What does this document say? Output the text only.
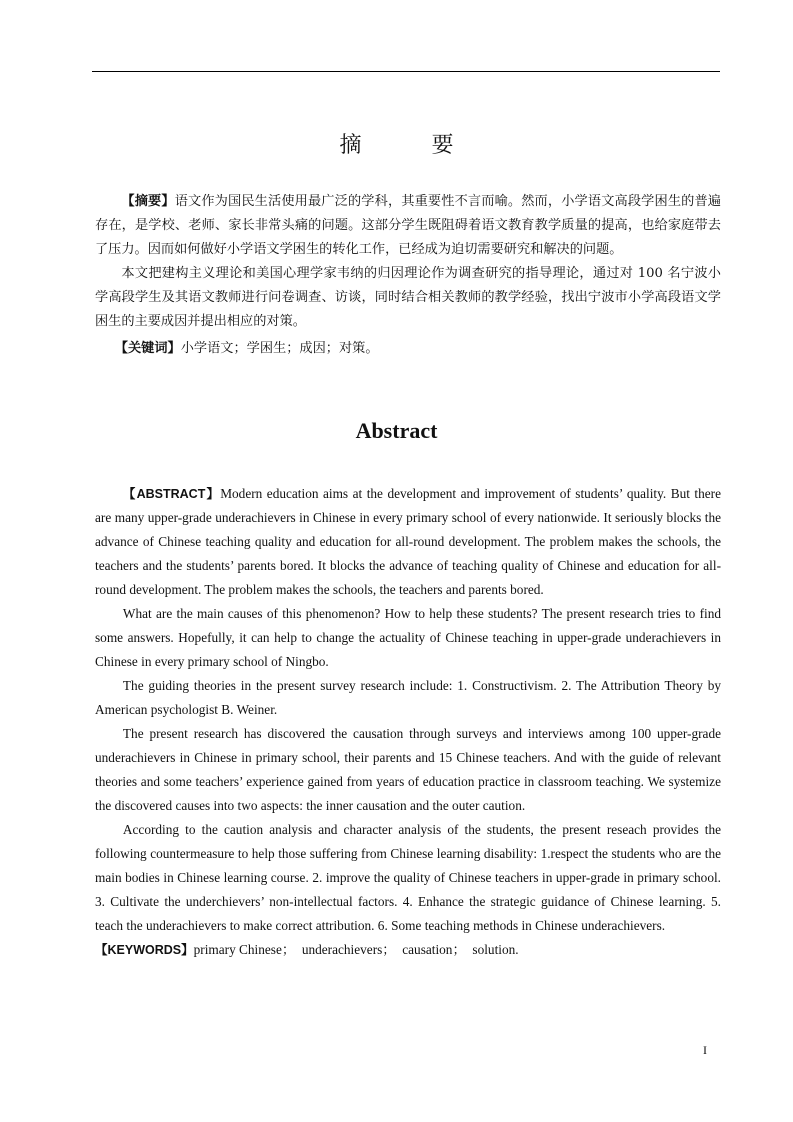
摘　要

【摘要】语文作为国民生活使用最广泛的学科，其重要性不言而喻。然而，小学语文高段学困生的普遍存在，是学校、老师、家长非常头痛的问题。这部分学生既阻碍着语文教育教学质量的提高，也给家庭带去了压力。因而如何做好小学语文学困生的转化工作，已经成为迫切需要研究和解决的问题。

本文把建构主义理论和美国心理学家韦纳的归因理论作为调查研究的指导理论，通过对 100 名宁波小学高段学生及其语文教师进行问卷调查、访谈，同时结合相关教师的教学经验，找出宁波市小学高段语文学困生的主要成因并提出相应的对策。

【关键词】小学语文；学困生；成因；对策。

Abstract

【ABSTRACT】Modern education aims at the development and improvement of students’ quality. But there are many upper-grade underachievers in Chinese in every primary school of every nationwide. It seriously blocks the advance of Chinese teaching quality and education for all-round development. The problem makes the schools, the teachers and the students’ parents bored. It blocks the advance of teaching quality of Chinese and education for all-round development. The problem makes the schools, the teachers and parents bored.

What are the main causes of this phenomenon? How to help these students? The present research tries to find some answers. Hopefully, it can help to change the actuality of Chinese teaching in upper-grade underachievers in Chinese in every primary school of Ningbo.

The guiding theories in the present survey research include: 1. Constructivism. 2. The Attribution Theory by American psychologist B. Weiner.

The present research has discovered the causation through surveys and interviews among 100 upper-grade underachievers in Chinese in primary school, their parents and 15 Chinese teachers. And with the guide of relevant theories and some teachers’ experience gained from years of education practice in classroom teaching. We systemize the discovered causes into two aspects: the inner causation and the outer caution.

According to the caution analysis and character analysis of the students, the present reseach provides the following countermeasure to help those suffering from Chinese learning disability: 1.respect the students who are the main bodies in Chinese learning course. 2. improve the quality of Chinese teachers in upper-grade in primary school. 3. Cultivate the underchievers’ non-intellectual factors. 4. Enhance the strategic guidance of Chinese learning. 5. teach the underachievers to make correct attribution. 6. Some teaching methods in Chinese underachievers.

【KEYWORDS】primary Chinese；　underachievers；　causation；　solution.

I
